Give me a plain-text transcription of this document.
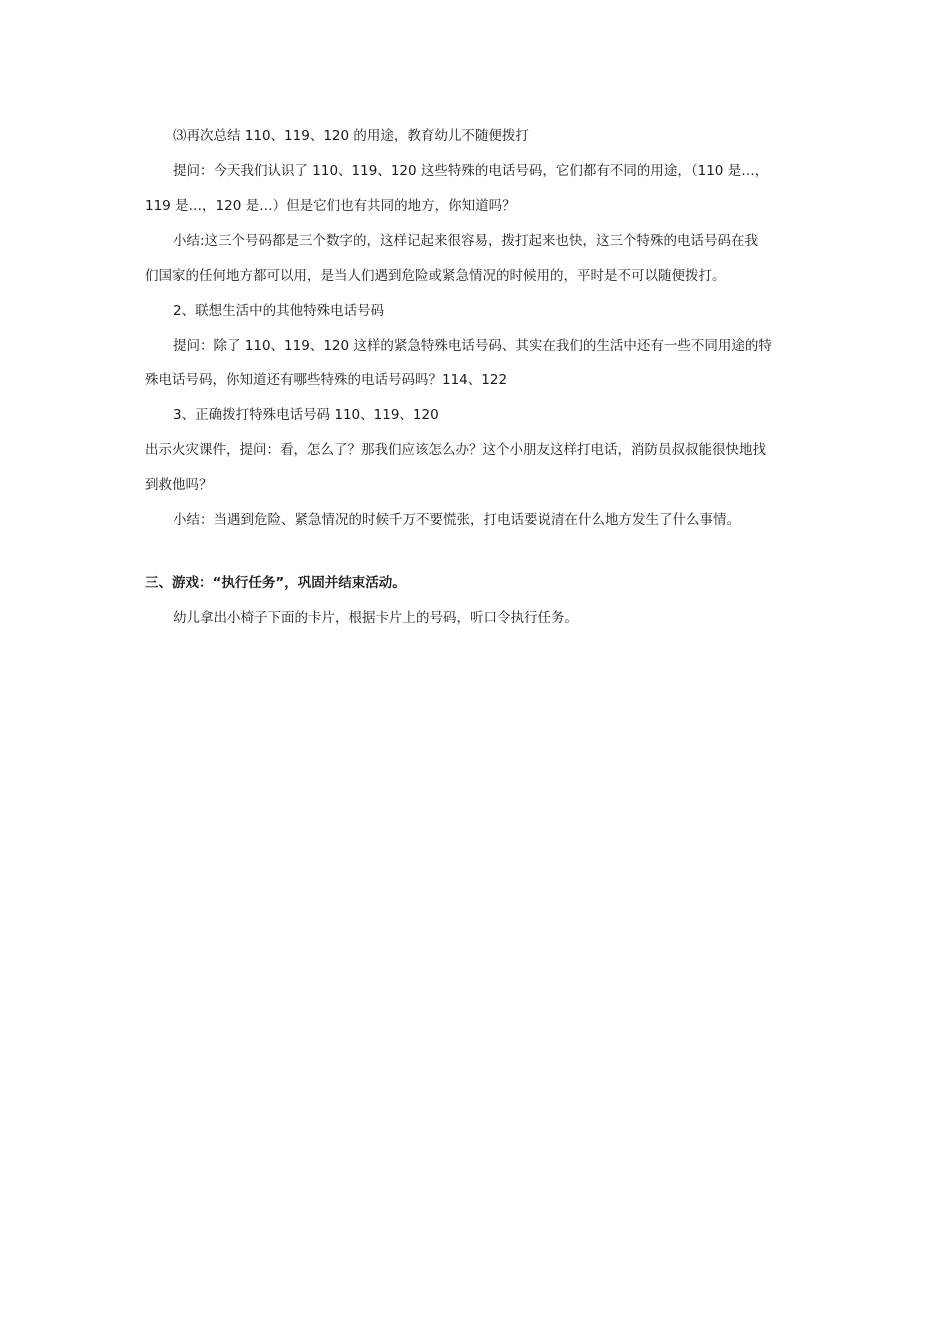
⑶再次总结 110、119、120 的用途，教育幼儿不随便拨打
提问：今天我们认识了 110、119、120 这些特殊的电话号码，它们都有不同的用途，（110 是…，
119 是…，120 是…）但是它们也有共同的地方，你知道吗？
小结:这三个号码都是三个数字的，这样记起来很容易，拨打起来也快，这三个特殊的电话号码在我
们国家的任何地方都可以用，是当人们遇到危险或紧急情况的时候用的，平时是不可以随便拨打。
2、联想生活中的其他特殊电话号码
提问：除了 110、119、120 这样的紧急特殊电话号码、其实在我们的生活中还有一些不同用途的特
殊电话号码，你知道还有哪些特殊的电话号码吗？114、122
3、正确拨打特殊电话号码 110、119、120
出示火灾课件，提问：看，怎么了？那我们应该怎么办？这个小朋友这样打电话，消防员叔叔能很快地找
到救他吗？
小结：当遇到危险、紧急情况的时候千万不要慌张，打电话要说清在什么地方发生了什么事情。
三、游戏：“执行任务”，巩固并结束活动。
幼儿拿出小椅子下面的卡片，根据卡片上的号码，听口令执行任务。
